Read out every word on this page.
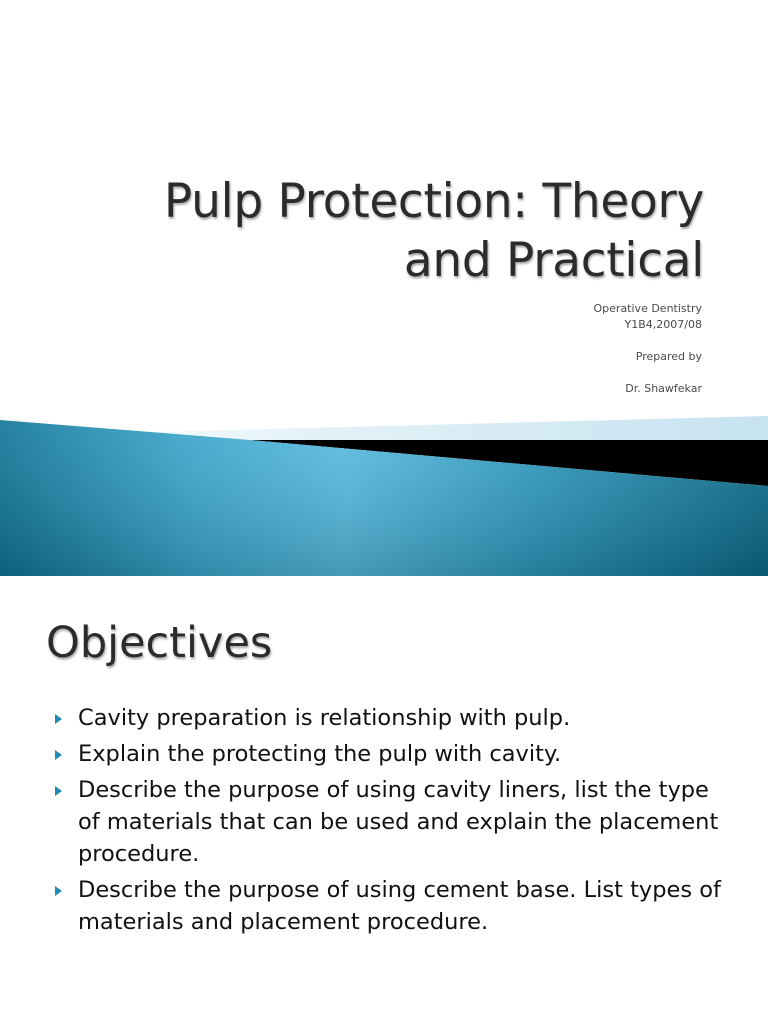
Pulp Protection: Theory and Practical
Operative Dentistry
Y1B4,2007/08
Prepared by
Dr. Shawfekar
Objectives
Cavity preparation is relationship with pulp.
Explain the protecting the pulp with cavity.
Describe the purpose of using cavity liners, list the type of materials that can be used and explain the placement procedure.
Describe the purpose of using cement base. List types of materials and placement procedure.
